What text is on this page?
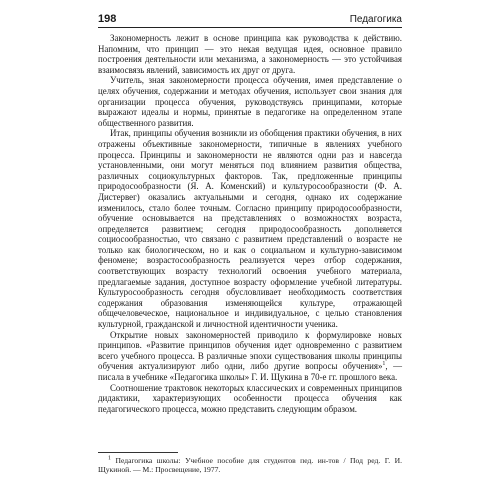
198	Педагогика

Закономерность лежит в основе принципа как руководства к действию. Напомним, что принцип — это некая ведущая идея, основное правило построения деятельности или механизма, а закономерность — это устойчивая взаимосвязь явлений, зависимость их друг от друга.

Учитель, зная закономерности процесса обучения, имея представление о целях обучения, содержании и методах обучения, использует свои знания для организации процесса обучения, руководствуясь принципами, которые выражают идеалы и нормы, принятые в педагогике на определенном этапе общественного развития.

Итак, принципы обучения возникли из обобщения практики обучения, в них отражены объективные закономерности, типичные в явлениях учебного процесса. Принципы и закономерности не являются одни раз и навсегда установленными, они могут меняться под влиянием развития общества, различных социокультурных факторов. Так, предложенные принципы природосообразности (Я. А. Коменский) и культуросообразности (Ф. А. Дистервег) оказались актуальными и сегодня, однако их содержание изменилось, стало более точным. Согласно принципу природосообразности, обучение основывается на представлениях о возможностях возраста, определяется развитием; сегодня природосообразность дополняется социосообразностью, что связано с развитием представлений о возрасте не только как биологическом, но и как о социальном и культурно-зависимом феномене; возрастосообразность реализуется через отбор содержания, соответствующих возрасту технологий освоения учебного материала, предлагаемые задания, доступное возрасту оформление учебной литературы. Культуросообразность сегодня обусловливает необходимость соответствия содержания образования изменяющейся культуре, отражающей общечеловеческое, национальное и индивидуальное, с целью становления культурной, гражданской и личностной идентичности ученика.

Открытие новых закономерностей приводило к формулировке новых принципов. «Развитие принципов обучения идет одновременно с развитием всего учебного процесса. В различные эпохи существования школы принципы обучения актуализируют либо одни, либо другие вопросы обучения»$^1$, — писала в учебнике «Педагогика школы» Г. И. Щукина в 70-е гг. прошлого века.

Соотношение трактовок некоторых классических и современных принципов дидактики, характеризующих особенности процесса обучения как педагогического процесса, можно представить следующим образом.

$^1$ Педагогика школы: Учебное пособие для студентов пед. ин-тов / Под ред. Г. И. Щукиной. — М.: Просвещение, 1977.
